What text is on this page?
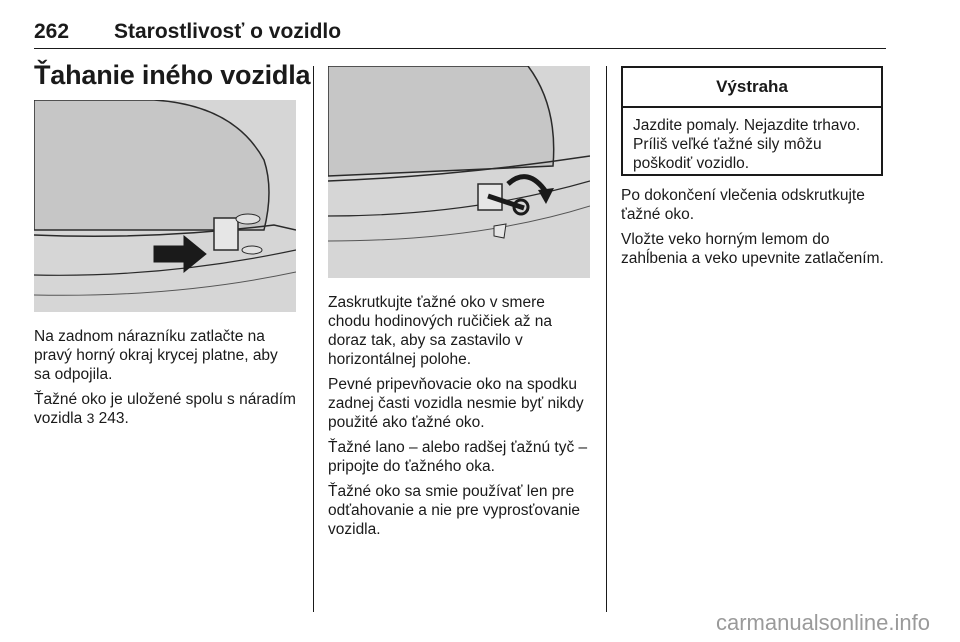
262 Starostlivosť o vozidlo
Ťahanie iného vozidla

Na zadnom nárazníku zatlačte na pravý horný okraj krycej platne, aby sa odpojila.

Ťažné oko je uložené spolu s náradím vozidla 3 243.

Zaskrutkujte ťažné oko v smere chodu hodinových ručičiek až na doraz tak, aby sa zastavilo v horizontálnej polohe.

Pevné pripevňovacie oko na spodku zadnej časti vozidla nesmie byť nikdy použité ako ťažné oko.

Ťažné lano – alebo radšej ťažnú tyč – pripojte do ťažného oka.

Ťažné oko sa smie používať len pre odťahovanie a nie pre vyprosťovanie vozidla.

Výstraha
Jazdite pomaly. Nejazdite trhavo. Príliš veľké ťažné sily môžu poškodiť vozidlo.

Po dokončení vlečenia odskrutkujte ťažné oko.

Vložte veko horným lemom do zahĺbenia a veko upevnite zatlačením.

carmanualsonline.info
